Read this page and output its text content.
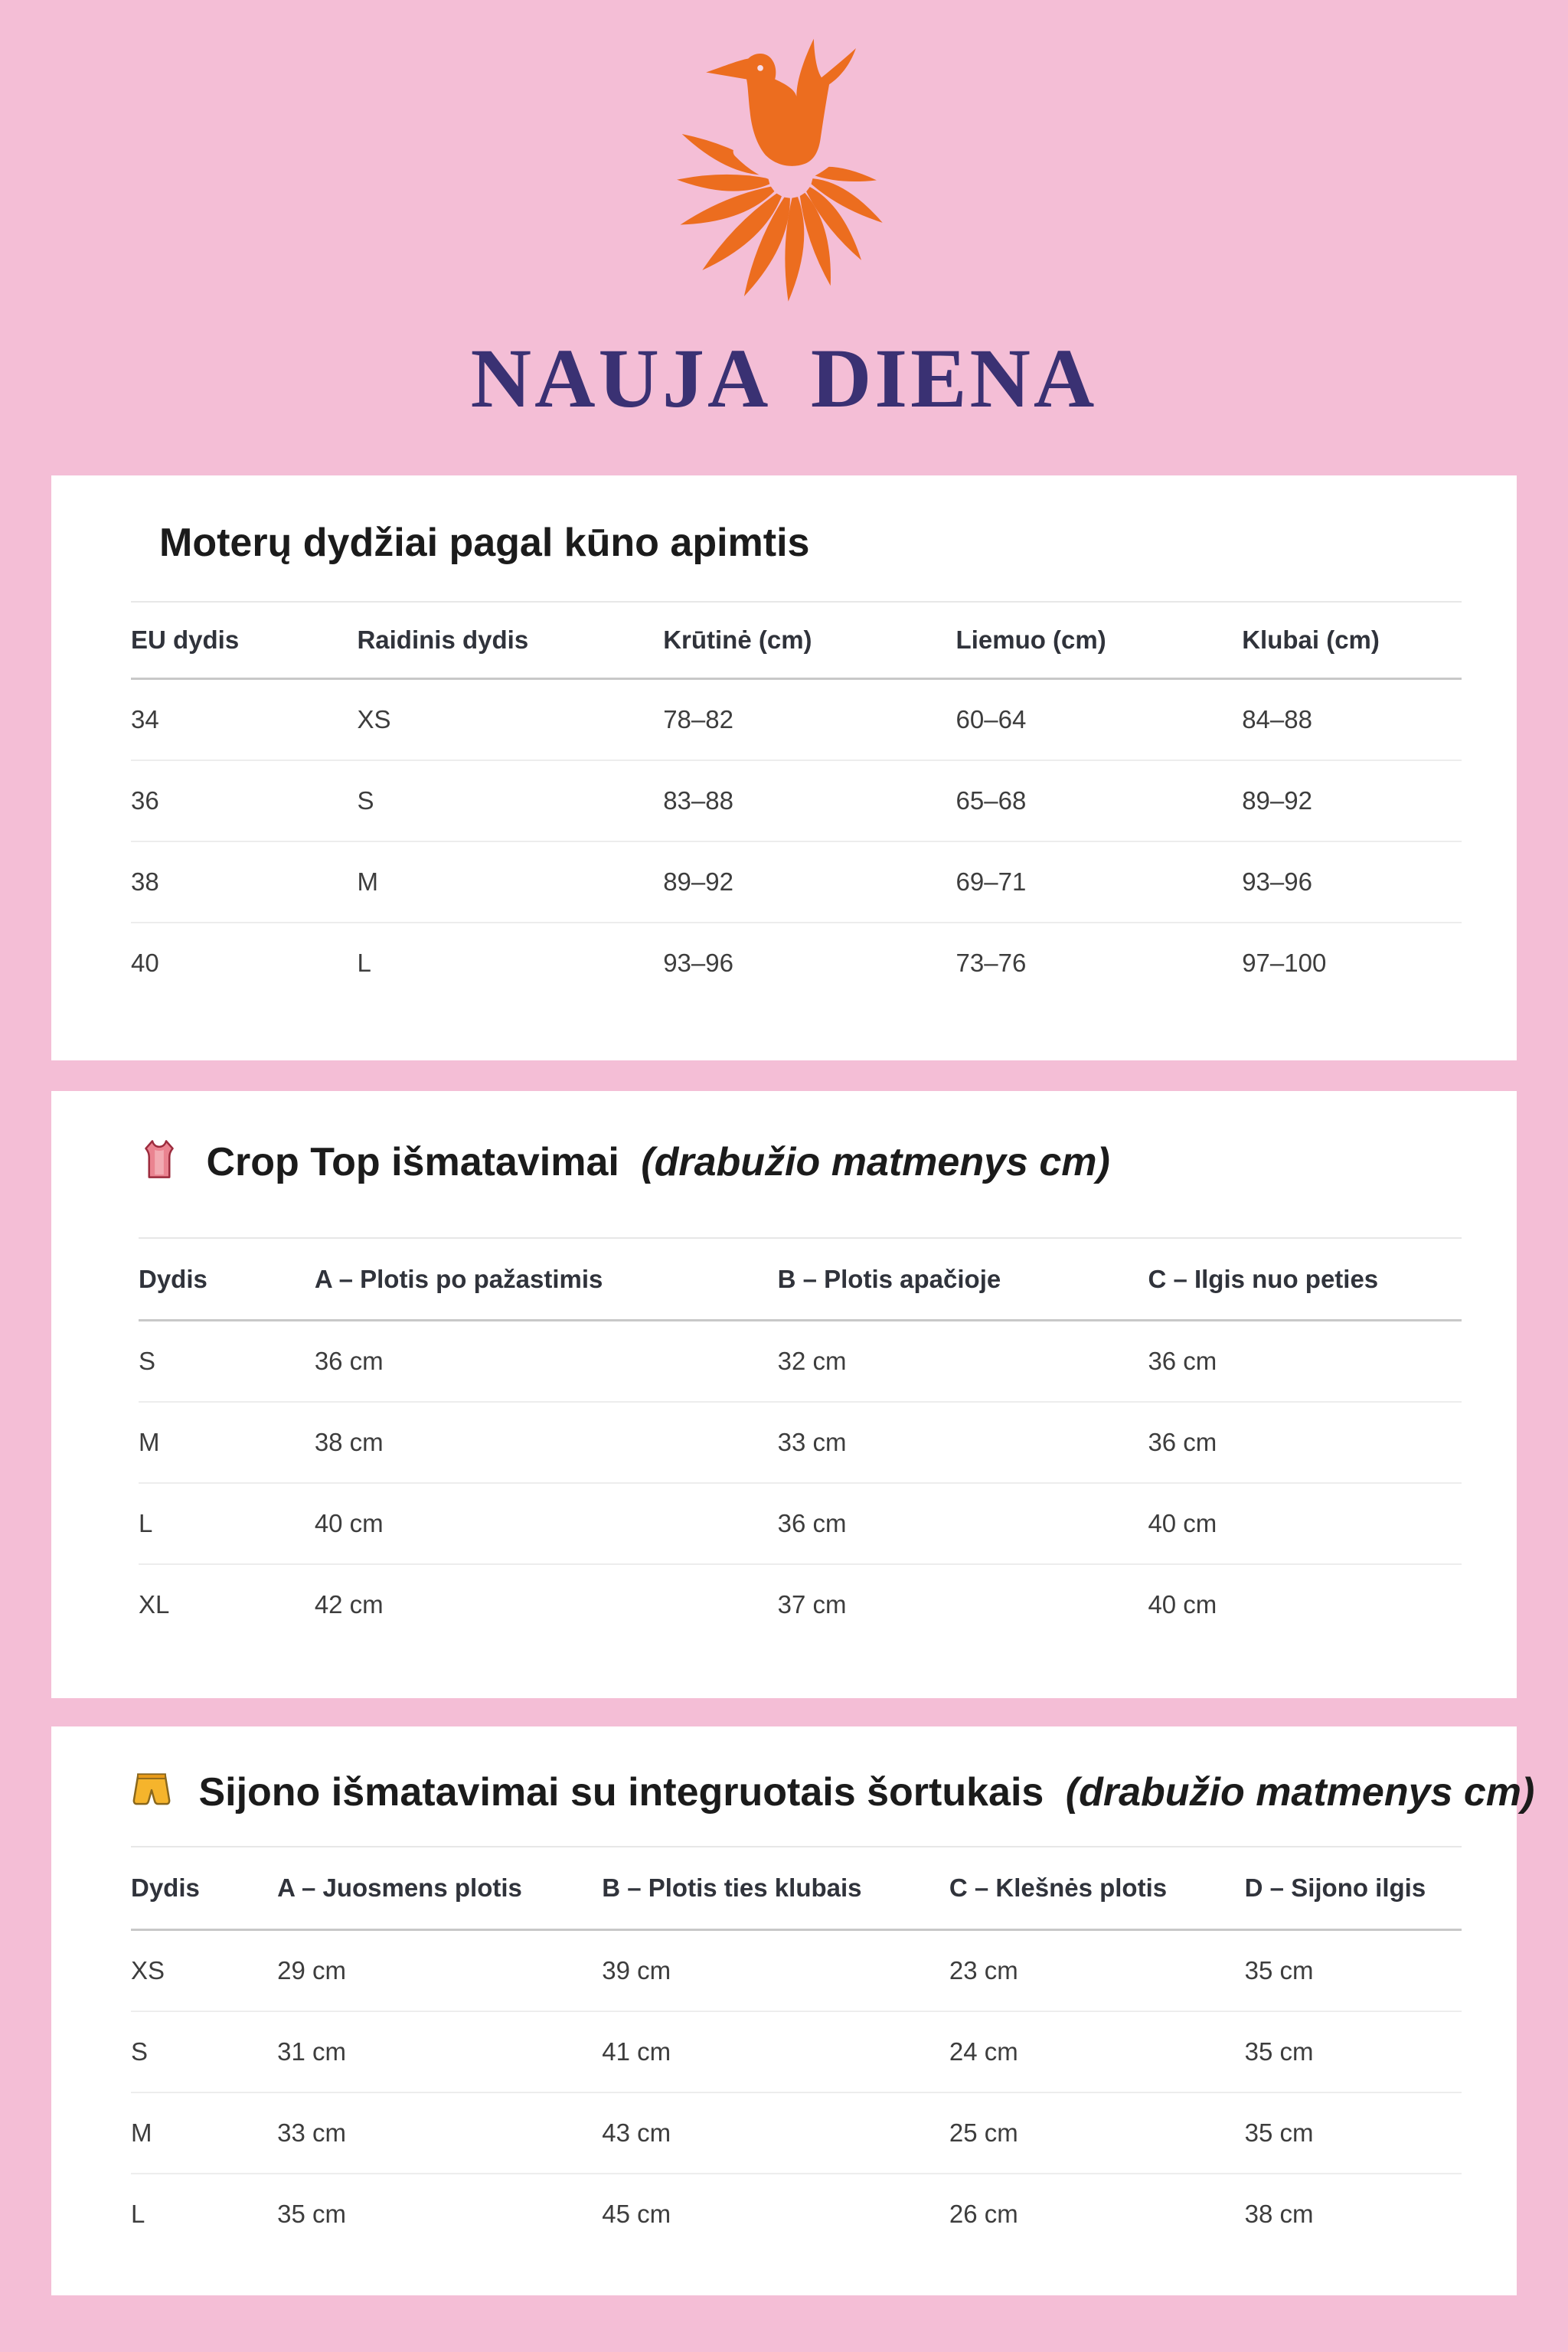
NAUJA DIENA
Moterų dydžiai pagal kūno apimtis
EU dydis	Raidinis dydis	Krūtinė (cm)	Liemuo (cm)	Klubai (cm)
34	XS	78–82	60–64	84–88
36	S	83–88	65–68	89–92
38	M	89–92	69–71	93–96
40	L	93–96	73–76	97–100
Crop Top išmatavimai (drabužio matmenys cm)
Dydis	A – Plotis po pažastimis	B – Plotis apačioje	C – Ilgis nuo peties
S	36 cm	32 cm	36 cm
M	38 cm	33 cm	36 cm
L	40 cm	36 cm	40 cm
XL	42 cm	37 cm	40 cm
Sijono išmatavimai su integruotais šortukais (drabužio matmenys cm)
Dydis	A – Juosmens plotis	B – Plotis ties klubais	C – Klešnės plotis	D – Sijono ilgis
XS	29 cm	39 cm	23 cm	35 cm
S	31 cm	41 cm	24 cm	35 cm
M	33 cm	43 cm	25 cm	35 cm
L	35 cm	45 cm	26 cm	38 cm
